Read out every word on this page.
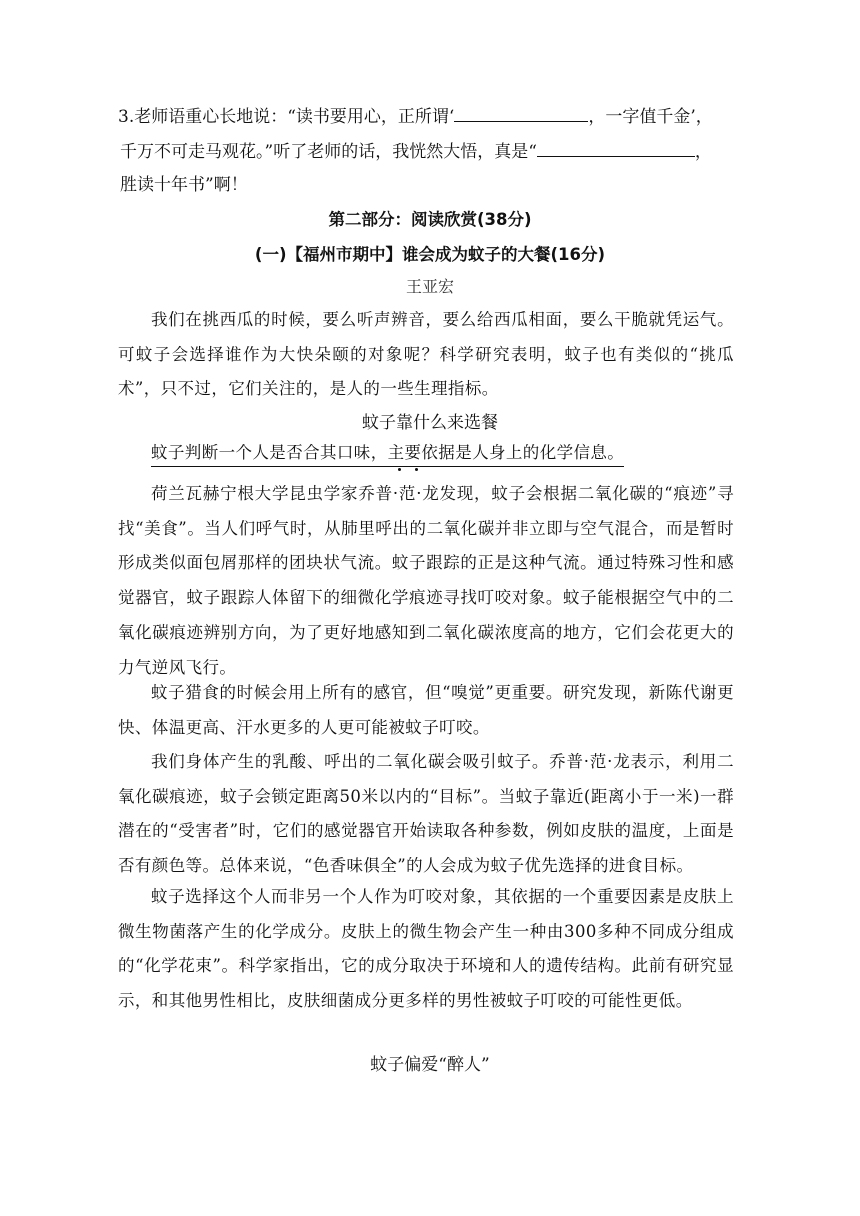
3.老师语重心长地说：“读书要用心，正所谓‘	，一字值千金’，
千万不可走马观花。”听了老师的话，我恍然大悟，真是“	，
胜读十年书”啊！
第二部分：阅读欣赏(38分)
(一)【福州市期中】谁会成为蚊子的大餐(16分)
王亚宏

我们在挑西瓜的时候，要么听声辨音，要么给西瓜相面，要么干脆就凭运气。可蚊子会选择谁作为大快朵颐的对象呢？科学研究表明，蚊子也有类似的“挑瓜术”，只不过，它们关注的，是人的一些生理指标。

蚊子靠什么来选餐
蚊子判断一个人是否合其口味，主要依据是人身上的化学信息。

荷兰瓦赫宁根大学昆虫学家乔普·范·龙发现，蚊子会根据二氧化碳的“痕迹”寻找“美食”。当人们呼气时，从肺里呼出的二氧化碳并非立即与空气混合，而是暂时形成类似面包屑那样的团块状气流。蚊子跟踪的正是这种气流。通过特殊习性和感觉器官，蚊子跟踪人体留下的细微化学痕迹寻找叮咬对象。蚊子能根据空气中的二氧化碳痕迹辨别方向，为了更好地感知到二氧化碳浓度高的地方，它们会花更大的力气逆风飞行。

蚊子猎食的时候会用上所有的感官，但“嗅觉”更重要。研究发现，新陈代谢更快、体温更高、汗水更多的人更可能被蚊子叮咬。

我们身体产生的乳酸、呼出的二氧化碳会吸引蚊子。乔普·范·龙表示，利用二氧化碳痕迹，蚊子会锁定距离50米以内的“目标”。当蚊子靠近(距离小于一米)一群潜在的“受害者”时，它们的感觉器官开始读取各种参数，例如皮肤的温度，上面是否有颜色等。总体来说，“色香味俱全”的人会成为蚊子优先选择的进食目标。

蚊子选择这个人而非另一个人作为叮咬对象，其依据的一个重要因素是皮肤上微生物菌落产生的化学成分。皮肤上的微生物会产生一种由300多种不同成分组成的“化学花束”。科学家指出，它的成分取决于环境和人的遗传结构。此前有研究显示，和其他男性相比，皮肤细菌成分更多样的男性被蚊子叮咬的可能性更低。

蚊子偏爱“醉人”
